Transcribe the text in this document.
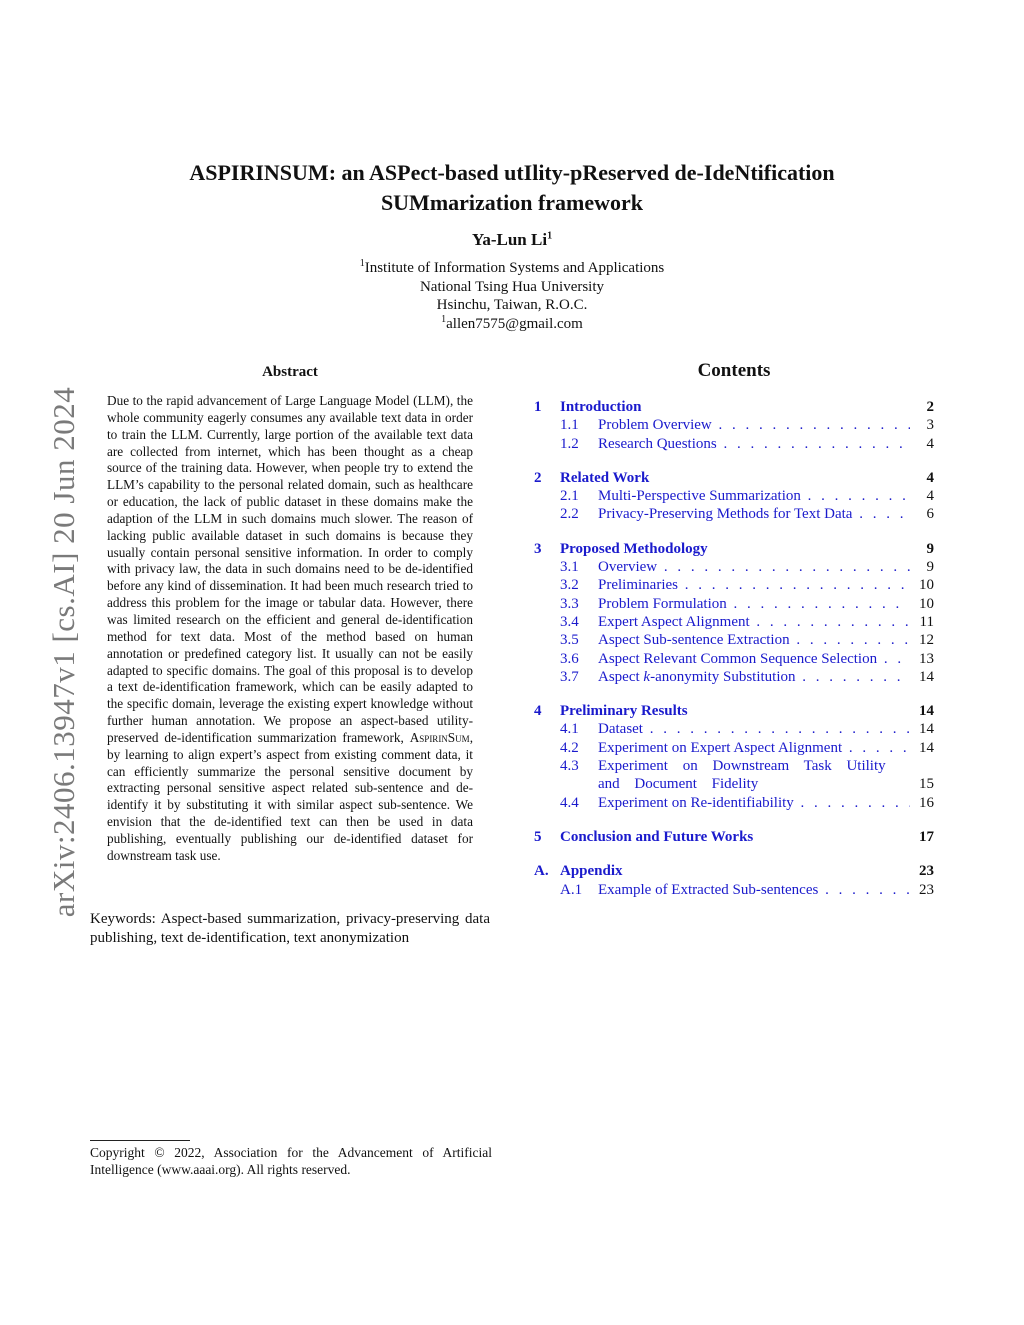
arXiv:2406.13947v1 [cs.AI] 20 Jun 2024
ASPIRINSUM: an ASPect-based utIlity-pReserved de-IdeNtification
SUMmarization framework
Ya-Lun Li$^1$
$^1$Institute of Information Systems and Applications
National Tsing Hua University
Hsinchu, Taiwan, R.O.C.
$^1$allen7575@gmail.com
Abstract
Due to the rapid advancement of Large Language Model (LLM), the whole community eagerly consumes any available text data in order to train the LLM. Currently, large portion of the available text data are collected from internet, which has been thought as a cheap source of the training data. However, when people try to extend the LLM’s capability to the personal related domain, such as healthcare or education, the lack of public dataset in these domains make the adaption of the LLM in such domains much slower. The reason of lacking public available dataset in such domains is because they usually contain personal sensitive information. In order to comply with privacy law, the data in such domains need to be de-identified before any kind of dissemination. It had been much research tried to address this problem for the image or tabular data. However, there was limited research on the efficient and general de-identification method for text data. Most of the method based on human annotation or predefined category list. It usually can not be easily adapted to specific domains. The goal of this proposal is to develop a text de-identification framework, which can be easily adapted to the specific domain, leverage the existing expert knowledge without further human annotation. We propose an aspect-based utility-preserved de-identification summarization framework, AspirinSum, by learning to align expert’s aspect from existing comment data, it can efficiently summarize the personal sensitive document by extracting personal sensitive aspect related sub-sentence and de-identify it by substituting it with similar aspect sub-sentence. We envision that the de-identified text can then be used in data publishing, eventually publishing our de-identified dataset for downstream task use.
Keywords: Aspect-based summarization, privacy-preserving data publishing, text de-identification, text anonymization
Copyright © 2022, Association for the Advancement of Artificial Intelligence (www.aaai.org). All rights reserved.
Contents
1	Introduction	2
1.1	Problem Overview . . .	3
1.2	Research Questions . . .	4
2	Related Work	4
2.1	Multi-Perspective Summarization . . .	4
2.2	Privacy-Preserving Methods for Text Data . . .	6
3	Proposed Methodology	9
3.1	Overview . . .	9
3.2	Preliminaries . . .	10
3.3	Problem Formulation . . .	10
3.4	Expert Aspect Alignment . . .	11
3.5	Aspect Sub-sentence Extraction . . .	12
3.6	Aspect Relevant Common Sequence Selection . . .	13
3.7	Aspect k-anonymity Substitution . . .	14
4	Preliminary Results	14
4.1	Dataset . . .	14
4.2	Experiment on Expert Aspect Alignment . . .	14
4.3	Experiment on Downstream Task Utility and Document Fidelity	15
4.4	Experiment on Re-identifiability . . .	16
5	Conclusion and Future Works	17
A. Appendix	23
A.1	Example of Extracted Sub-sentences . . .	23
